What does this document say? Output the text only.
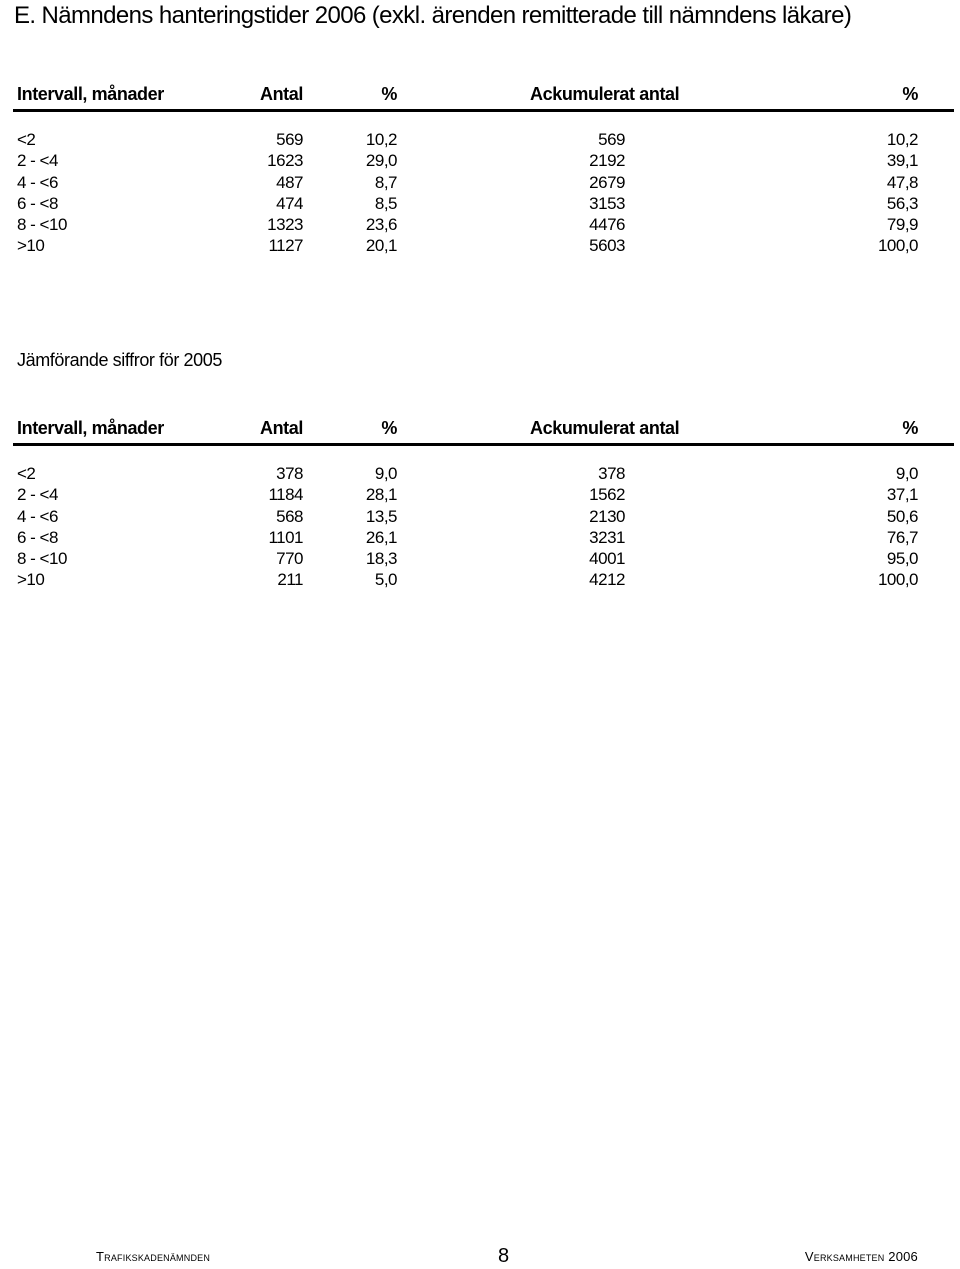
E. Nämndens hanteringstider 2006 (exkl. ärenden remitterade till nämndens läkare)
Intervall, månader	Antal	%	Ackumulerat antal	%
<2	569	10,2	569	10,2
2 - <4	1623	29,0	2192	39,1
4 - <6	487	8,7	2679	47,8
6 - <8	474	8,5	3153	56,3
8 - <10	1323	23,6	4476	79,9
>10	1127	20,1	5603	100,0
Jämförande siffror för 2005
Intervall, månader	Antal	%	Ackumulerat antal	%
<2	378	9,0	378	9,0
2 - <4	1184	28,1	1562	37,1
4 - <6	568	13,5	2130	50,6
6 - <8	1101	26,1	3231	76,7
8 - <10	770	18,3	4001	95,0
>10	211	5,0	4212	100,0
Trafikskadenämnden	8	Verksamheten 2006
